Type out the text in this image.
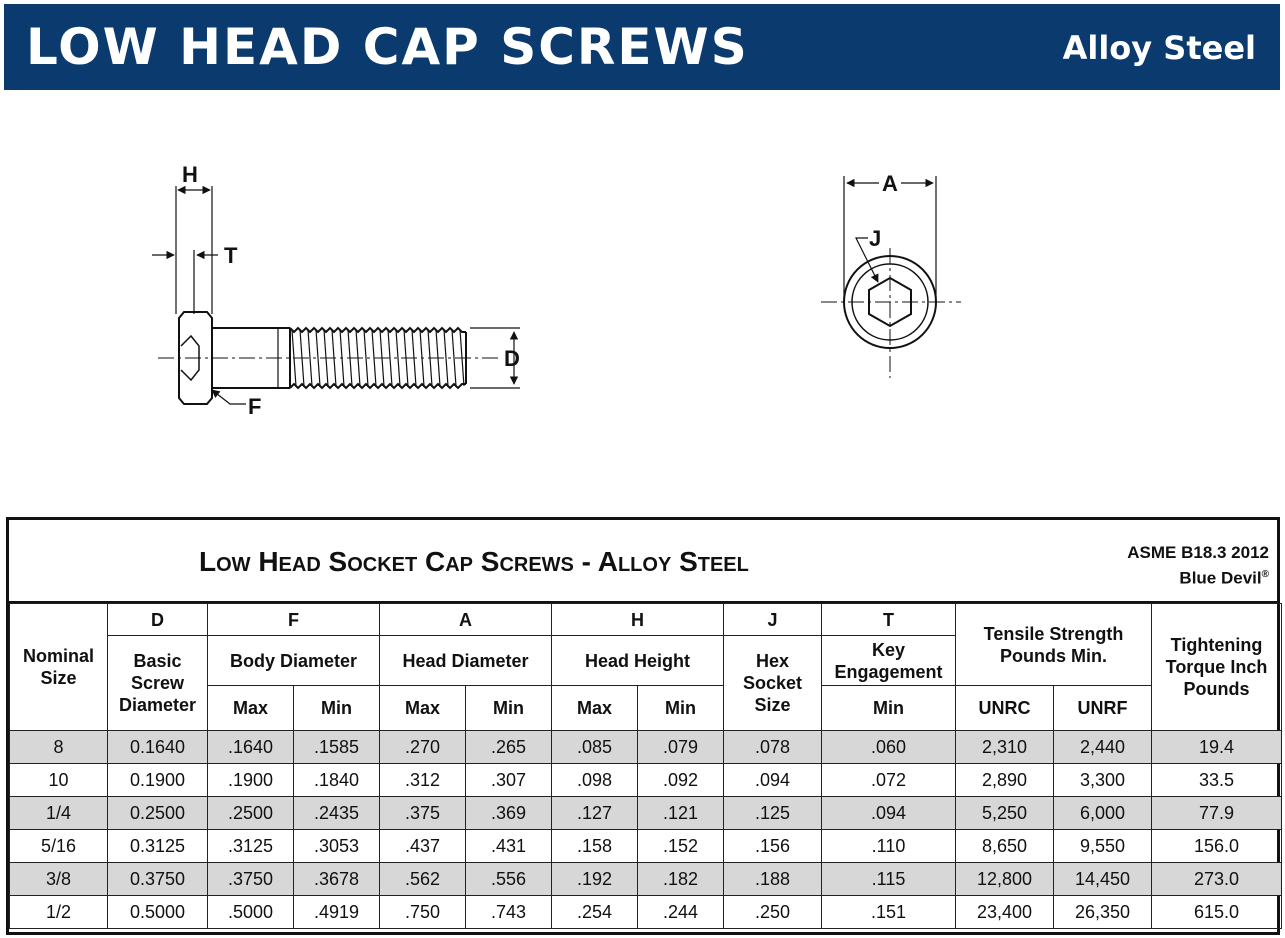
LOW HEAD CAP SCREWS	Alloy Steel
H
T
D
F
A
J
Low Head Socket Cap Screws - Alloy Steel	ASME B18.3 2012
Blue Devil®
Nominal Size	D	F		A		H		J	T	Tensile Strength Pounds Min.		Tightening Torque Inch Pounds
	Basic Screw Diameter	Body Diameter		Head Diameter		Head Height		Hex Socket Size	Key Engagement			
		Max	Min	Max	Min	Max	Min		Min	UNRC	UNRF	
8	0.1640	.1640	.1585	.270	.265	.085	.079	.078	.060	2,310	2,440	19.4
10	0.1900	.1900	.1840	.312	.307	.098	.092	.094	.072	2,890	3,300	33.5
1/4	0.2500	.2500	.2435	.375	.369	.127	.121	.125	.094	5,250	6,000	77.9
5/16	0.3125	.3125	.3053	.437	.431	.158	.152	.156	.110	8,650	9,550	156.0
3/8	0.3750	.3750	.3678	.562	.556	.192	.182	.188	.115	12,800	14,450	273.0
1/2	0.5000	.5000	.4919	.750	.743	.254	.244	.250	.151	23,400	26,350	615.0
